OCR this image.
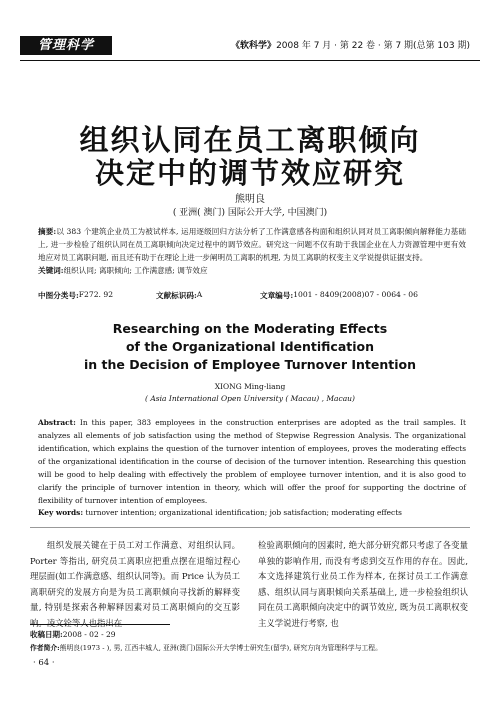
管理科学	《软科学》2008 年 7 月 · 第 22 卷 · 第 7 期(总第 103 期)
组织认同在员工离职倾向
决定中的调节效应研究
熊明良
( 亚洲( 澳门) 国际公开大学, 中国澳门)
摘要:以 383 个建筑企业员工为被试样本, 运用逐级回归方法分析了工作满意感各构面和组织认同对员工离职倾向解释能力基础上, 进一步检验了组织认同在员工离职倾向决定过程中的调节效应。研究这一问题不仅有助于我国企业在人力资源管理中更有效地应对员工离职问题, 而且还有助于在理论上进一步阐明员工离职的机理, 为员工离职的权变主义学说提供证据支持。
关键词:组织认同; 离职倾向; 工作满意感; 调节效应
中图分类号: F272. 92	文献标识码: A	文章编号: 1001 - 8409(2008)07 - 0064 - 06
Researching on the Moderating Effects
of the Organizational Identification
in the Decision of Employee Turnover Intention
XIONG Ming-liang
( Asia International Open University ( Macau) , Macau)
Abstract: In this paper, 383 employees in the construction enterprises are adopted as the trail samples. It analyzes all elements of job satisfaction using the method of Stepwise Regression Analysis. The organizational identification, which explains the question of the turnover intention of employees, proves the moderating effects of the organizational identification in the course of decision of the turnover intention. Researching this question will be good to help dealing with effectively the problem of employee turnover intention, and it is also good to clarify the principle of turnover intention in theory, which will offer the proof for supporting the doctrine of flexibility of turnover intention of employees.
Key words: turnover intention; organizational identification; job satisfaction; moderating effects
组织发展关键在于员工对工作满意、对组织认同。Porter 等指出, 研究员工离职应把重点摆在退缩过程心理层面(如工作满意感、组织认同等)。而 Price 认为员工离职研究的发展方向是为员工离职倾向寻找新的解释变量, 特别是探索各种解释因素对员工离职倾向的交互影响。凌文铨等人也指出在
检验离职倾向的因素时, 绝大部分研究都只考虑了各变量单独的影响作用, 而没有考虑到交互作用的存在。因此, 本文选择建筑行业员工作为样本, 在探讨员工工作满意感、组织认同与离职倾向关系基础上, 进一步检验组织认同在员工离职倾向决定中的调节效应, 既为员工离职权变主义学说进行考察, 也
收稿日期:2008 - 02 - 29
作者简介:熊明良(1973 - ), 男, 江西丰城人, 亚洲(澳门)国际公开大学博士研究生(留学), 研究方向为管理科学与工程。
· 64 ·
